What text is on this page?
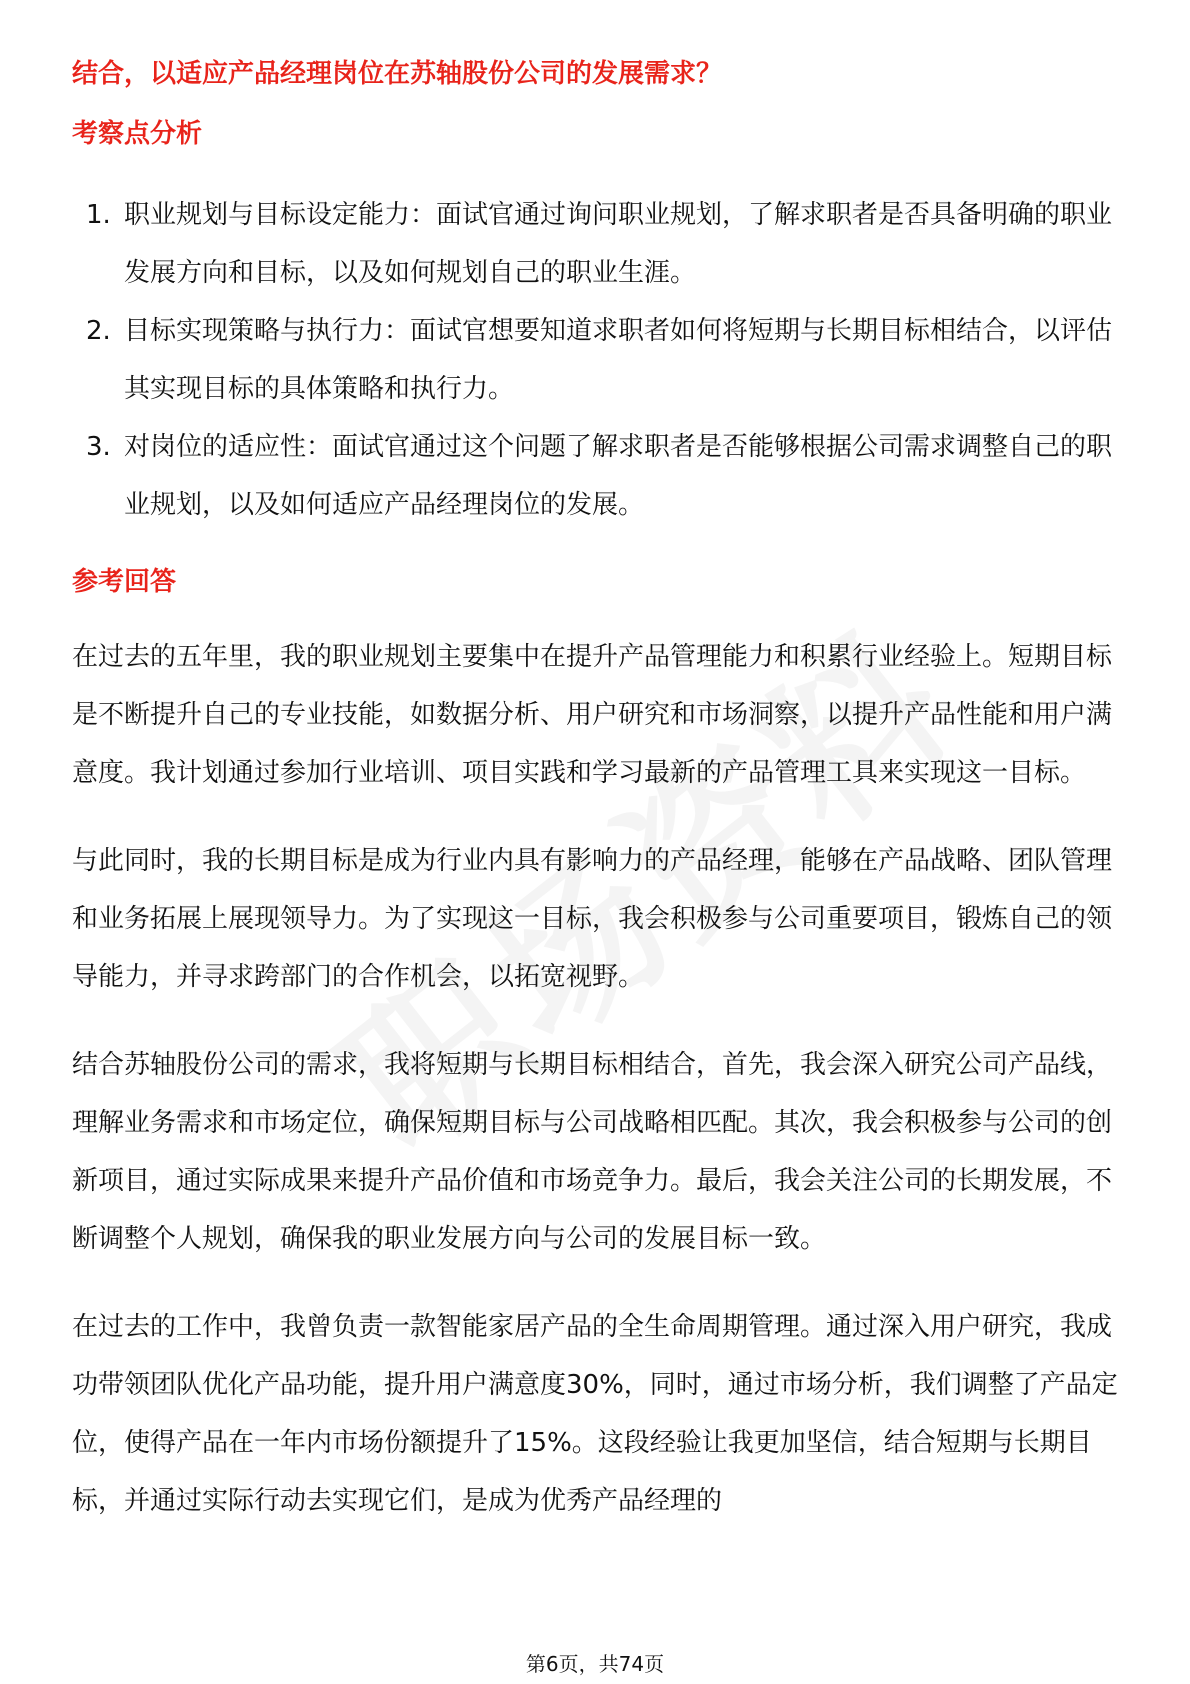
结合，以适应产品经理岗位在苏轴股份公司的发展需求？

考察点分析

1. 职业规划与目标设定能力：面试官通过询问职业规划，了解求职者是否具备明确的职业发展方向和目标，以及如何规划自己的职业生涯。
2. 目标实现策略与执行力：面试官想要知道求职者如何将短期与长期目标相结合，以评估其实现目标的具体策略和执行力。
3. 对岗位的适应性：面试官通过这个问题了解求职者是否能够根据公司需求调整自己的职业规划，以及如何适应产品经理岗位的发展。

参考回答

在过去的五年里，我的职业规划主要集中在提升产品管理能力和积累行业经验上。短期目标是不断提升自己的专业技能，如数据分析、用户研究和市场洞察，以提升产品性能和用户满意度。我计划通过参加行业培训、项目实践和学习最新的产品管理工具来实现这一目标。

与此同时，我的长期目标是成为行业内具有影响力的产品经理，能够在产品战略、团队管理和业务拓展上展现领导力。为了实现这一目标，我会积极参与公司重要项目，锻炼自己的领导能力，并寻求跨部门的合作机会，以拓宽视野。

结合苏轴股份公司的需求，我将短期与长期目标相结合，首先，我会深入研究公司产品线，理解业务需求和市场定位，确保短期目标与公司战略相匹配。其次，我会积极参与公司的创新项目，通过实际成果来提升产品价值和市场竞争力。最后，我会关注公司的长期发展，不断调整个人规划，确保我的职业发展方向与公司的发展目标一致。

在过去的工作中，我曾负责一款智能家居产品的全生命周期管理。通过深入用户研究，我成功带领团队优化产品功能，提升用户满意度30%，同时，通过市场分析，我们调整了产品定位，使得产品在一年内市场份额提升了15%。这段经验让我更加坚信，结合短期与长期目标，并通过实际行动去实现它们，是成为优秀产品经理的

第6页，共74页
